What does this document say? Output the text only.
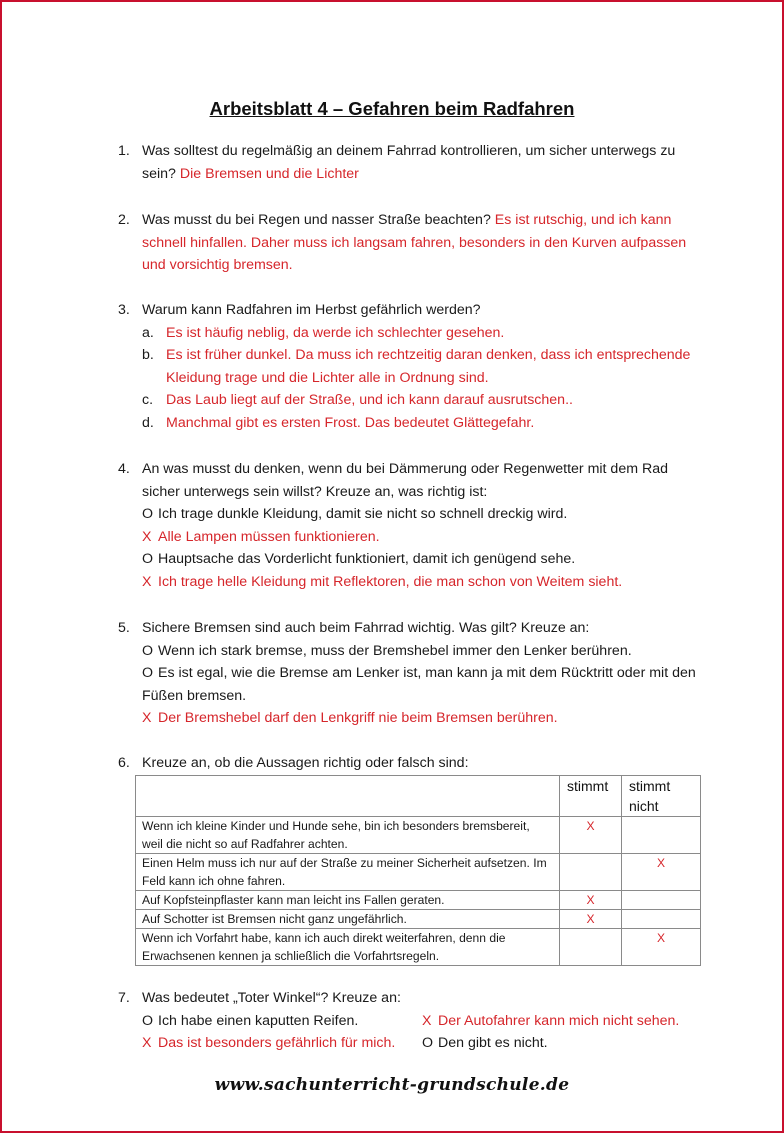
Arbeitsblatt 4 – Gefahren beim Radfahren
1. Was solltest du regelmäßig an deinem Fahrrad kontrollieren, um sicher unterwegs zu sein? Die Bremsen und die Lichter
2. Was musst du bei Regen und nasser Straße beachten? Es ist rutschig, und ich kann schnell hinfallen. Daher muss ich langsam fahren, besonders in den Kurven aufpassen und vorsichtig bremsen.
3. Warum kann Radfahren im Herbst gefährlich werden?
a. Es ist häufig neblig, da werde ich schlechter gesehen.
b. Es ist früher dunkel. Da muss ich rechtzeitig daran denken, dass ich entsprechende Kleidung trage und die Lichter alle in Ordnung sind.
c. Das Laub liegt auf der Straße, und ich kann darauf ausrutschen..
d. Manchmal gibt es ersten Frost. Das bedeutet Glättegefahr.
4. An was musst du denken, wenn du bei Dämmerung oder Regenwetter mit dem Rad sicher unterwegs sein willst? Kreuze an, was richtig ist:
O Ich trage dunkle Kleidung, damit sie nicht so schnell dreckig wird.
X Alle Lampen müssen funktionieren.
O Hauptsache das Vorderlicht funktioniert, damit ich genügend sehe.
X Ich trage helle Kleidung mit Reflektoren, die man schon von Weitem sieht.
5. Sichere Bremsen sind auch beim Fahrrad wichtig. Was gilt? Kreuze an:
O Wenn ich stark bremse, muss der Bremshebel immer den Lenker berühren.
O Es ist egal, wie die Bremse am Lenker ist, man kann ja mit dem Rücktritt oder mit den Füßen bremsen.
X Der Bremshebel darf den Lenkgriff nie beim Bremsen berühren.
6. Kreuze an, ob die Aussagen richtig oder falsch sind:
	stimmt	stimmt nicht
Wenn ich kleine Kinder und Hunde sehe, bin ich besonders bremsbereit, weil die nicht so auf Radfahrer achten.	X	
Einen Helm muss ich nur auf der Straße zu meiner Sicherheit aufsetzen. Im Feld kann ich ohne fahren.		X
Auf Kopfsteinpflaster kann man leicht ins Fallen geraten.	X	
Auf Schotter ist Bremsen nicht ganz ungefährlich.	X	
Wenn ich Vorfahrt habe, kann ich auch direkt weiterfahren, denn die Erwachsenen kennen ja schließlich die Vorfahrtsregeln.		X
7. Was bedeutet „Toter Winkel“? Kreuze an:
O Ich habe einen kaputten Reifen.	X Der Autofahrer kann mich nicht sehen.
X Das ist besonders gefährlich für mich. O Den gibt es nicht.
www.sachunterricht-grundschule.de
